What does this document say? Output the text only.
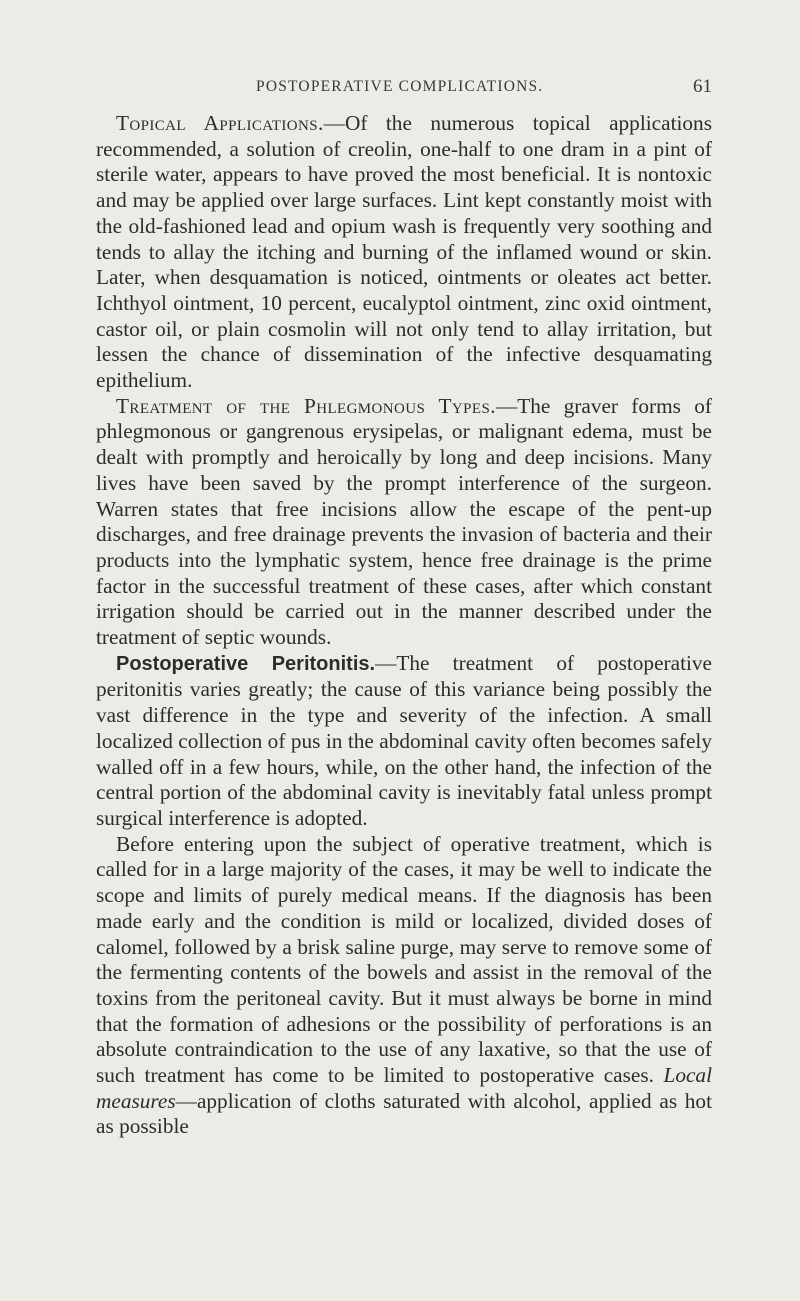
POSTOPERATIVE COMPLICATIONS.	61

Topical Applications.—Of the numerous topical applications recommended, a solution of creolin, one-half to one dram in a pint of sterile water, appears to have proved the most beneficial. It is nontoxic and may be applied over large surfaces. Lint kept constantly moist with the old-fashioned lead and opium wash is frequently very soothing and tends to allay the itching and burning of the inflamed wound or skin. Later, when desquamation is noticed, ointments or oleates act better. Ichthyol ointment, 10 percent, eucalyptol ointment, zinc oxid ointment, castor oil, or plain cosmolin will not only tend to allay irritation, but lessen the chance of dissemination of the infective desquamating epithelium.

Treatment of the Phlegmonous Types.—The graver forms of phlegmonous or gangrenous erysipelas, or malignant edema, must be dealt with promptly and heroically by long and deep incisions. Many lives have been saved by the prompt interference of the surgeon. Warren states that free incisions allow the escape of the pent-up discharges, and free drainage prevents the invasion of bacteria and their products into the lymphatic system, hence free drainage is the prime factor in the successful treatment of these cases, after which constant irrigation should be carried out in the manner described under the treatment of septic wounds.

Postoperative Peritonitis.—The treatment of postoperative peritonitis varies greatly; the cause of this variance being possibly the vast difference in the type and severity of the infection. A small localized collection of pus in the abdominal cavity often becomes safely walled off in a few hours, while, on the other hand, the infection of the central portion of the abdominal cavity is inevitably fatal unless prompt surgical interference is adopted.

Before entering upon the subject of operative treatment, which is called for in a large majority of the cases, it may be well to indicate the scope and limits of purely medical means. If the diagnosis has been made early and the condition is mild or localized, divided doses of calomel, followed by a brisk saline purge, may serve to remove some of the fermenting contents of the bowels and assist in the removal of the toxins from the peritoneal cavity. But it must always be borne in mind that the formation of adhesions or the possibility of perforations is an absolute contraindication to the use of any laxative, so that the use of such treatment has come to be limited to postoperative cases. Local measures—application of cloths saturated with alcohol, applied as hot as possible
